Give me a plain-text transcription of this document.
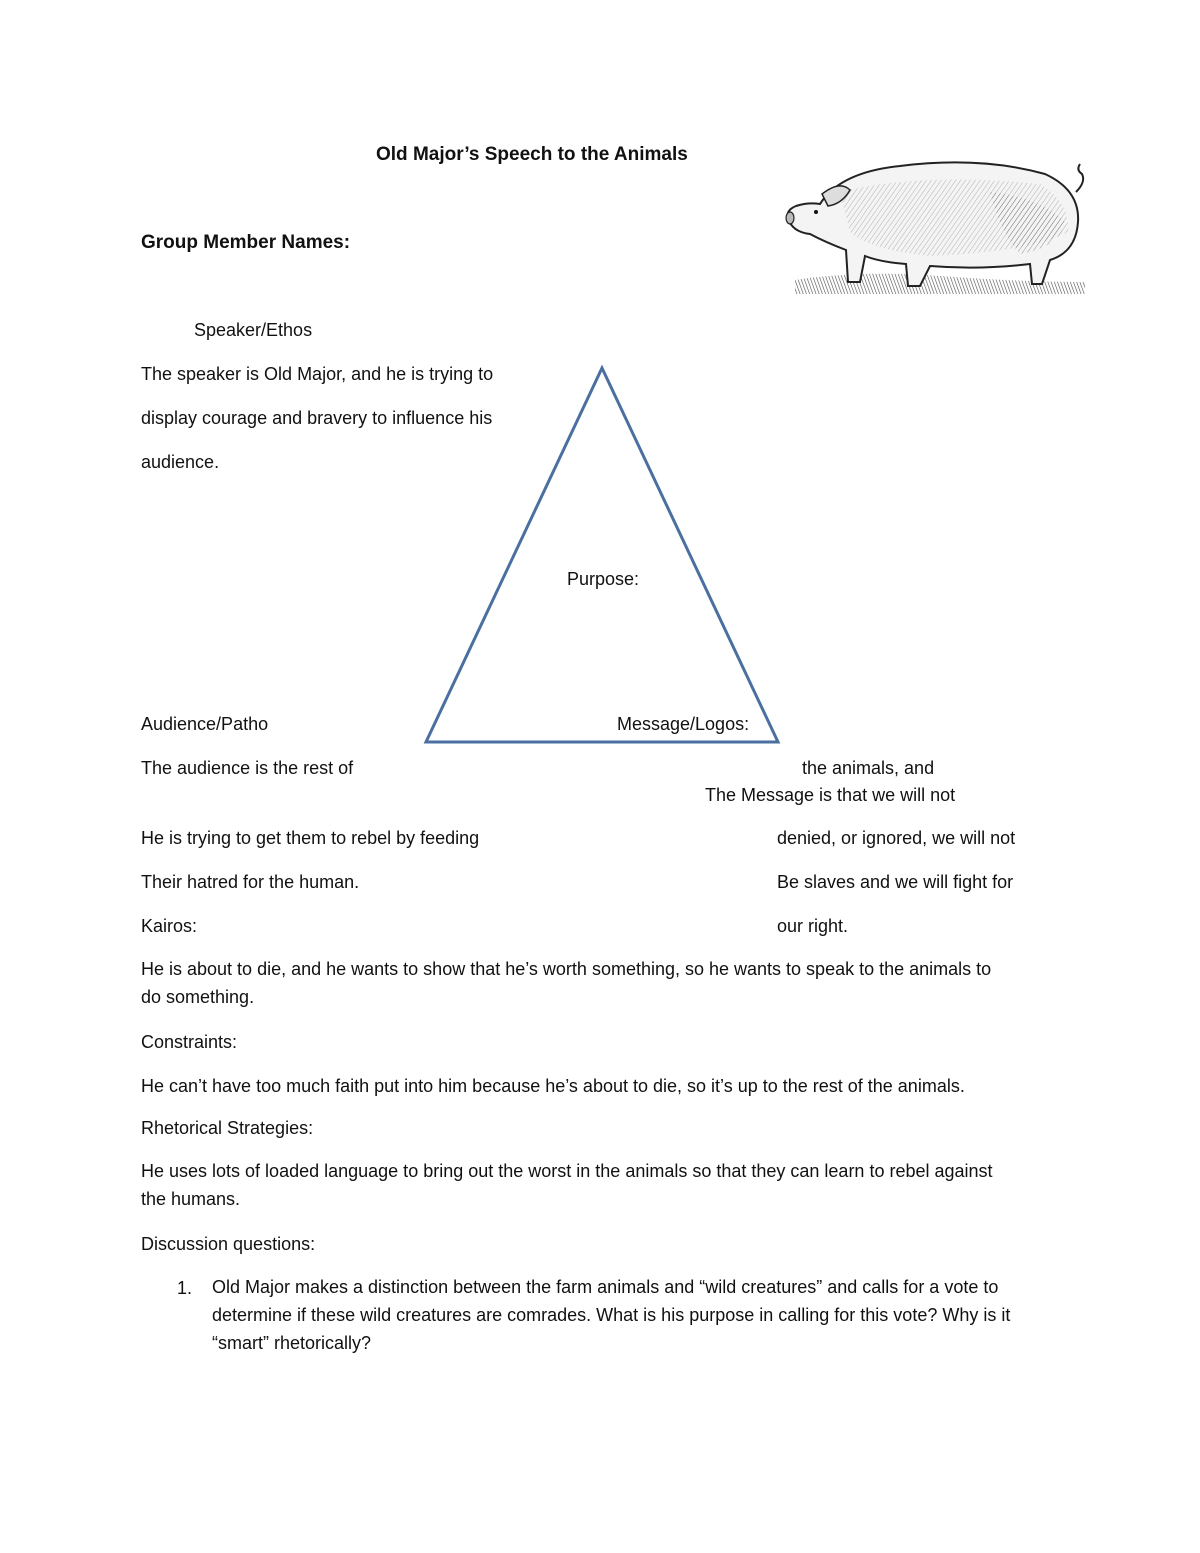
Old Major’s Speech to the Animals
Group Member Names:
Speaker/Ethos
The speaker is Old Major, and he is trying to
display courage and bravery to influence his
audience.
Purpose:
Audience/Patho	Message/Logos:
The audience is the rest of	the animals, and
The Message is that we will not
He is trying to get them to rebel by feeding	denied, or ignored, we will not
Their hatred for the human.	Be slaves and we will fight for
Kairos:	our right.
He is about to die, and he wants to show that he’s worth something, so he wants to speak to the animals to do something.
Constraints:
He can’t have too much faith put into him because he’s about to die, so it’s up to the rest of the animals.
Rhetorical Strategies:
He uses lots of loaded language to bring out the worst in the animals so that they can learn to rebel against the humans.
Discussion questions:
1. Old Major makes a distinction between the farm animals and “wild creatures” and calls for a vote to determine if these wild creatures are comrades. What is his purpose in calling for this vote? Why is it “smart” rhetorically?
